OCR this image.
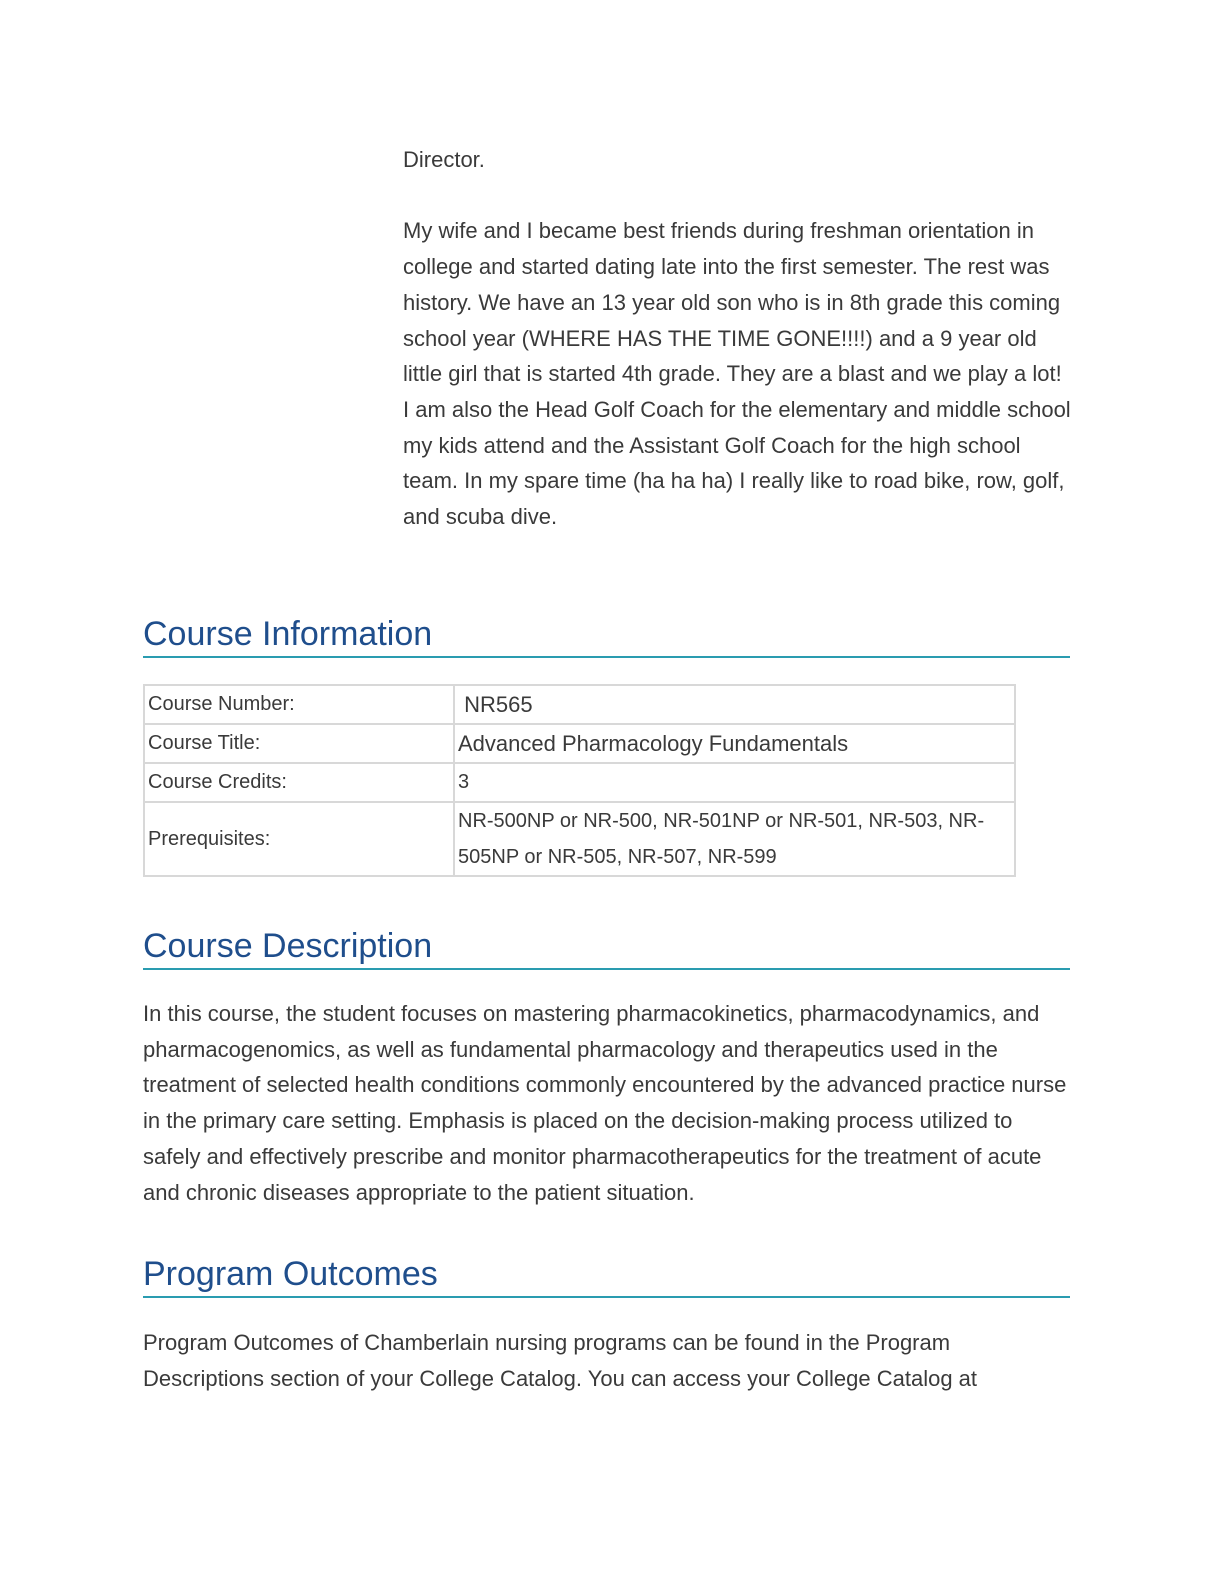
Director.

My wife and I became best friends during freshman orientation in college and started dating late into the first semester. The rest was history. We have an 13 year old son who is in 8th grade this coming school year (WHERE HAS THE TIME GONE!!!!) and a 9 year old little girl that is started 4th grade. They are a blast and we play a lot! I am also the Head Golf Coach for the elementary and middle school my kids attend and the Assistant Golf Coach for the high school team. In my spare time (ha ha ha) I really like to road bike, row, golf, and scuba dive.

Course Information
Course Number:	NR565
Course Title:	Advanced Pharmacology Fundamentals
Course Credits:	3
Prerequisites:	NR-500NP or NR-500, NR-501NP or NR-501, NR-503, NR-505NP or NR-505, NR-507, NR-599
Course Description

In this course, the student focuses on mastering pharmacokinetics, pharmacodynamics, and pharmacogenomics, as well as fundamental pharmacology and therapeutics used in the treatment of selected health conditions commonly encountered by the advanced practice nurse in the primary care setting. Emphasis is placed on the decision-making process utilized to safely and effectively prescribe and monitor pharmacotherapeutics for the treatment of acute and chronic diseases appropriate to the patient situation.

Program Outcomes

Program Outcomes of Chamberlain nursing programs can be found in the Program Descriptions section of your College Catalog. You can access your College Catalog at
